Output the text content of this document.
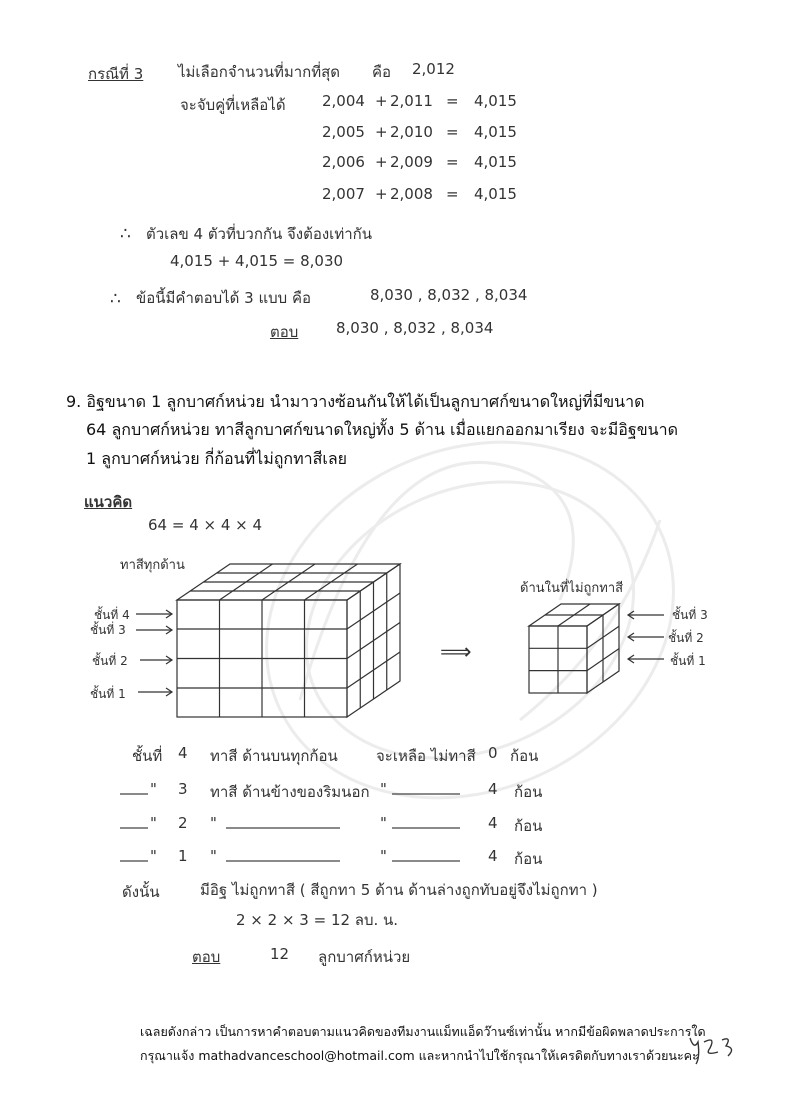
กรณีที่ 3 ไม่เลือกจำนวนที่มากที่สุด คือ 2,012
จะจับคู่ที่เหลือได้ 2,004 + 2,011 = 4,015
2,005 + 2,010 = 4,015
2,006 + 2,009 = 4,015
2,007 + 2,008 = 4,015
∴ ตัวเลข 4 ตัวที่บวกกัน จึงต้องเท่ากัน
4,015 + 4,015 = 8,030
∴ ข้อนี้มีคำตอบได้ 3 แบบ คือ	8,030 , 8,032 , 8,034
ตอบ	8,030 , 8,032 , 8,034
9. อิฐขนาด 1 ลูกบาศก์หน่วย นำมาวางซ้อนกันให้ได้เป็นลูกบาศก์ขนาดใหญ่ที่มีขนาด
64 ลูกบาศก์หน่วย ทาสีลูกบาศก์ขนาดใหญ่ทั้ง 5 ด้าน เมื่อแยกออกมาเรียง จะมีอิฐขนาด
1 ลูกบาศก์หน่วย กี่ก้อนที่ไม่ถูกทาสีเลย
แนวคิด
64 = 4 × 4 × 4
ทาสีทุกด้าน
ชั้นที่ 4
ชั้นที่ 3
ชั้นที่ 2
ชั้นที่ 1
⟹
ด้านในที่ไม่ถูกทาสี
ชั้นที่ 3
ชั้นที่ 2
ชั้นที่ 1
ชั้นที่ 4 ทาสี ด้านบนทุกก้อน	จะเหลือ ไม่ทาสี 0 ก้อน
" 3 ทาสี ด้านข้างของริมนอก "	4 ก้อน
" 2 "	"	4 ก้อน
" 1 "	"	4 ก้อน
ดังนั้น	มีอิฐ ไม่ถูกทาสี ( สีถูกทา 5 ด้าน ด้านล่างถูกทับอยู่จึงไม่ถูกทา )
2 × 2 × 3 = 12 ลบ. น.
ตอบ	12 ลูกบาศก์หน่วย
เฉลยดังกล่าว เป็นการหาคำตอบตามแนวคิดของทีมงานแม็ทแอ็ดว๊านซ์เท่านั้น หากมีข้อผิดพลาดประการใด
กรุณาแจ้ง mathadvanceschool@hotmail.com และหากนำไปใช้กรุณาให้เครดิตกับทางเราด้วยนะคะ
